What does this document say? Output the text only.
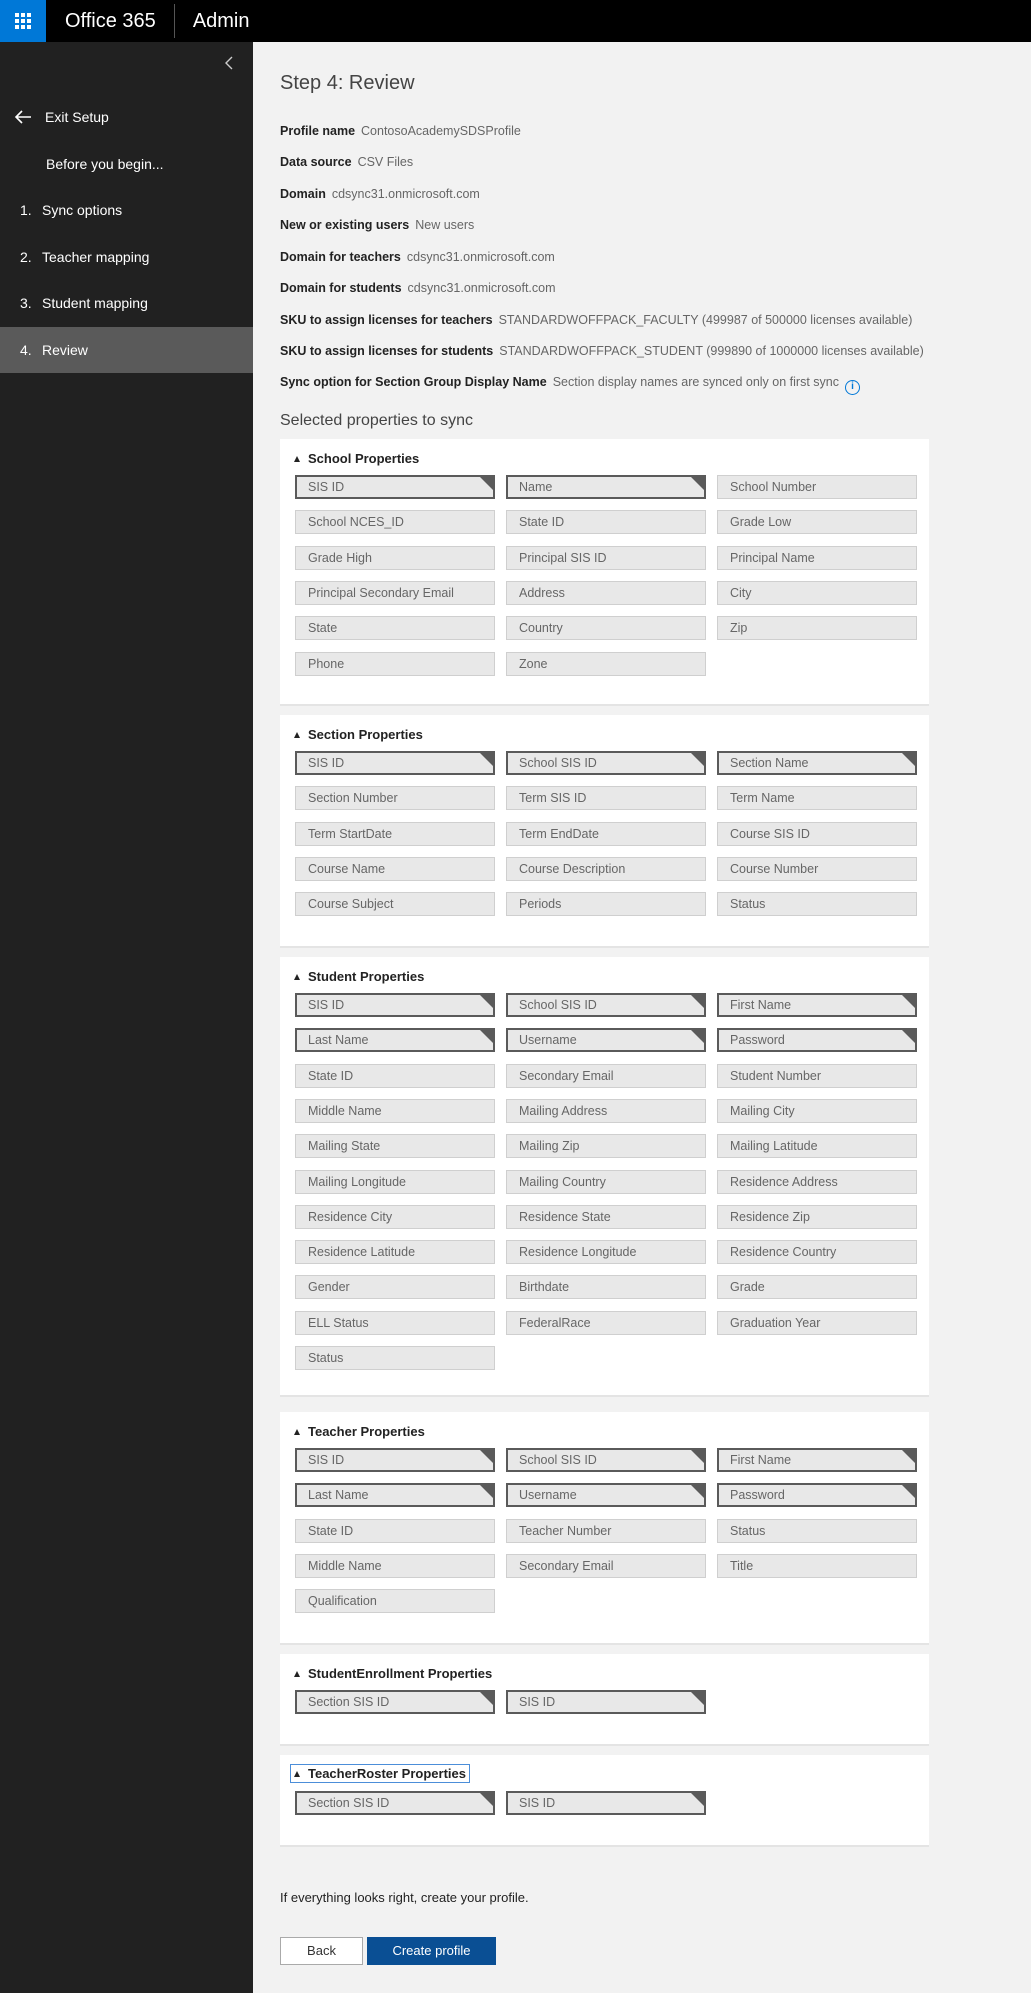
Office 365	Admin
Exit Setup
Before you begin...
1. Sync options
2. Teacher mapping
3. Student mapping
4. Review
Step 4: Review
Profile name ContosoAcademySDSProfile
Data source CSV Files
Domain cdsync31.onmicrosoft.com
New or existing users New users
Domain for teachers cdsync31.onmicrosoft.com
Domain for students cdsync31.onmicrosoft.com
SKU to assign licenses for teachers STANDARDWOFFPACK_FACULTY (499987 of 500000 licenses available)
SKU to assign licenses for students STANDARDWOFFPACK_STUDENT (999890 of 1000000 licenses available)
Sync option for Section Group Display Name Section display names are synced only on first sync i
Selected properties to sync
School Properties
SIS ID	Name	School Number
School NCES_ID	State ID	Grade Low
Grade High	Principal SIS ID	Principal Name
Principal Secondary Email	Address	City
State	Country	Zip
Phone	Zone
Section Properties
SIS ID	School SIS ID	Section Name
Section Number	Term SIS ID	Term Name
Term StartDate	Term EndDate	Course SIS ID
Course Name	Course Description	Course Number
Course Subject	Periods	Status
Student Properties
SIS ID	School SIS ID	First Name
Last Name	Username	Password
State ID	Secondary Email	Student Number
Middle Name	Mailing Address	Mailing City
Mailing State	Mailing Zip	Mailing Latitude
Mailing Longitude	Mailing Country	Residence Address
Residence City	Residence State	Residence Zip
Residence Latitude	Residence Longitude	Residence Country
Gender	Birthdate	Grade
ELL Status	FederalRace	Graduation Year
Status
Teacher Properties
SIS ID	School SIS ID	First Name
Last Name	Username	Password
State ID	Teacher Number	Status
Middle Name	Secondary Email	Title
Qualification
StudentEnrollment Properties
Section SIS ID	SIS ID
TeacherRoster Properties
Section SIS ID	SIS ID
If everything looks right, create your profile.
Back	Create profile
